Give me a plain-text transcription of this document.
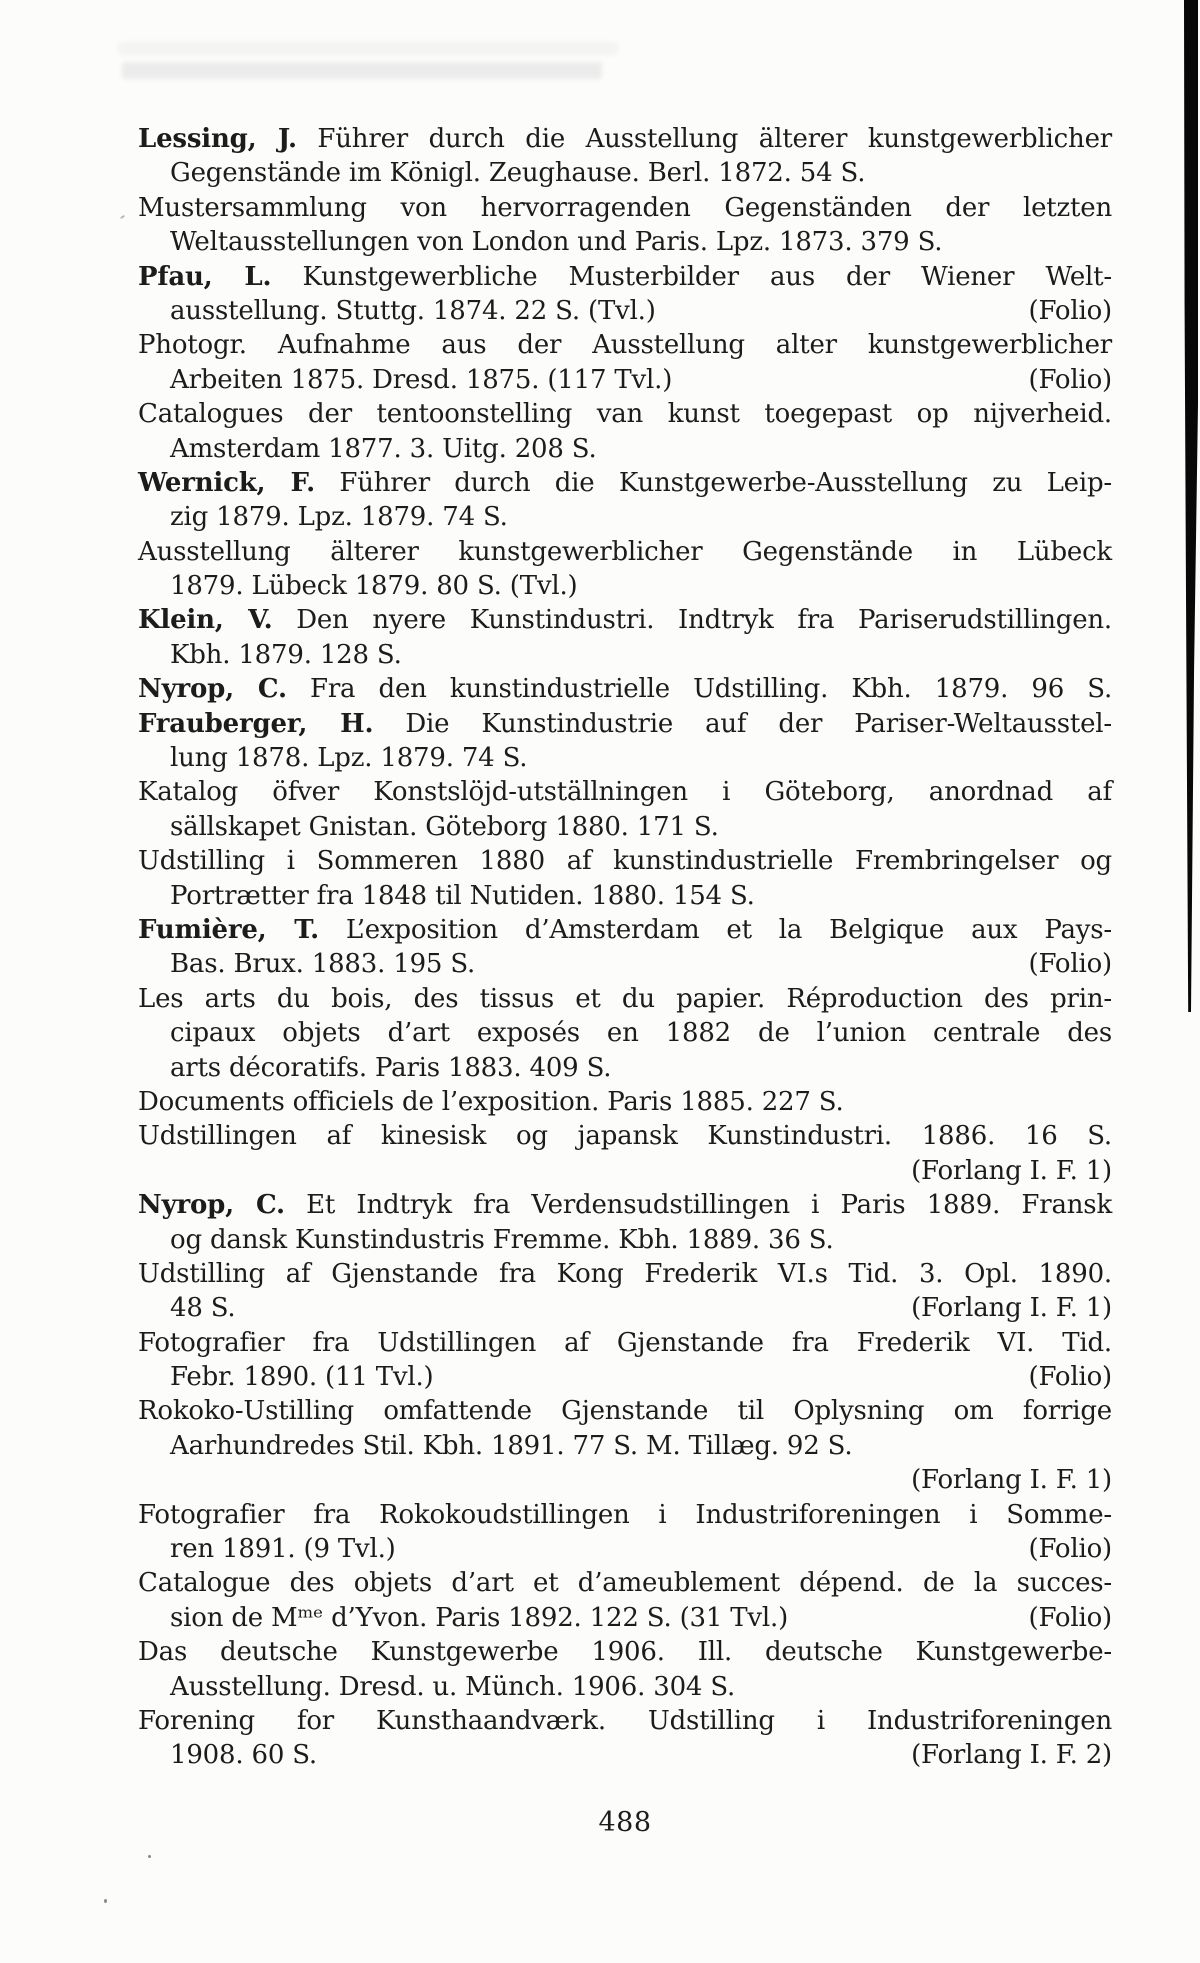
Lessing, J. Führer durch die Ausstellung älterer kunstgewerblicher
Gegenstände im Königl. Zeughause. Berl. 1872. 54 S.
Mustersammlung von hervorragenden Gegenständen der letzten
Weltausstellungen von London und Paris. Lpz. 1873. 379 S.
Pfau, L. Kunstgewerbliche Musterbilder aus der Wiener Welt-
ausstellung. Stuttg. 1874. 22 S. (Tvl.)	(Folio)
Photogr. Aufnahme aus der Ausstellung alter kunstgewerblicher
Arbeiten 1875. Dresd. 1875. (117 Tvl.)	(Folio)
Catalogues der tentoonstelling van kunst toegepast op nijverheid.
Amsterdam 1877. 3. Uitg. 208 S.
Wernick, F. Führer durch die Kunstgewerbe-Ausstellung zu Leip-
zig 1879. Lpz. 1879. 74 S.
Ausstellung älterer kunstgewerblicher Gegenstände in Lübeck
1879. Lübeck 1879. 80 S. (Tvl.)
Klein, V. Den nyere Kunstindustri. Indtryk fra Pariserudstillingen.
Kbh. 1879. 128 S.
Nyrop, C. Fra den kunstindustrielle Udstilling. Kbh. 1879. 96 S.
Frauberger, H. Die Kunstindustrie auf der Pariser-Weltausstel-
lung 1878. Lpz. 1879. 74 S.
Katalog öfver Konstslöjd-utställningen i Göteborg, anordnad af
sällskapet Gnistan. Göteborg 1880. 171 S.
Udstilling i Sommeren 1880 af kunstindustrielle Frembringelser og
Portrætter fra 1848 til Nutiden. 1880. 154 S.
Fumière, T. L’exposition d’Amsterdam et la Belgique aux Pays-
Bas. Brux. 1883. 195 S.	(Folio)
Les arts du bois, des tissus et du papier. Réproduction des prin-
cipaux objets d’art exposés en 1882 de l’union centrale des
arts décoratifs. Paris 1883. 409 S.
Documents officiels de l’exposition. Paris 1885. 227 S.
Udstillingen af kinesisk og japansk Kunstindustri. 1886. 16 S.
(Forlang I. F. 1)
Nyrop, C. Et Indtryk fra Verdensudstillingen i Paris 1889. Fransk
og dansk Kunstindustris Fremme. Kbh. 1889. 36 S.
Udstilling af Gjenstande fra Kong Frederik VI.s Tid. 3. Opl. 1890.
48 S.	(Forlang I. F. 1)
Fotografier fra Udstillingen af Gjenstande fra Frederik VI. Tid.
Febr. 1890. (11 Tvl.)	(Folio)
Rokoko-Ustilling omfattende Gjenstande til Oplysning om forrige
Aarhundredes Stil. Kbh. 1891. 77 S. M. Tillæg. 92 S.
(Forlang I. F. 1)
Fotografier fra Rokokoudstillingen i Industriforeningen i Somme-
ren 1891. (9 Tvl.)	(Folio)
Catalogue des objets d’art et d’ameublement dépend. de la succes-
sion de Mᵐᵉ d’Yvon. Paris 1892. 122 S. (31 Tvl.)	(Folio)
Das deutsche Kunstgewerbe 1906. Ill. deutsche Kunstgewerbe-
Ausstellung. Dresd. u. Münch. 1906. 304 S.
Forening for Kunsthaandværk. Udstilling i Industriforeningen
1908. 60 S.	(Forlang I. F. 2)
488
